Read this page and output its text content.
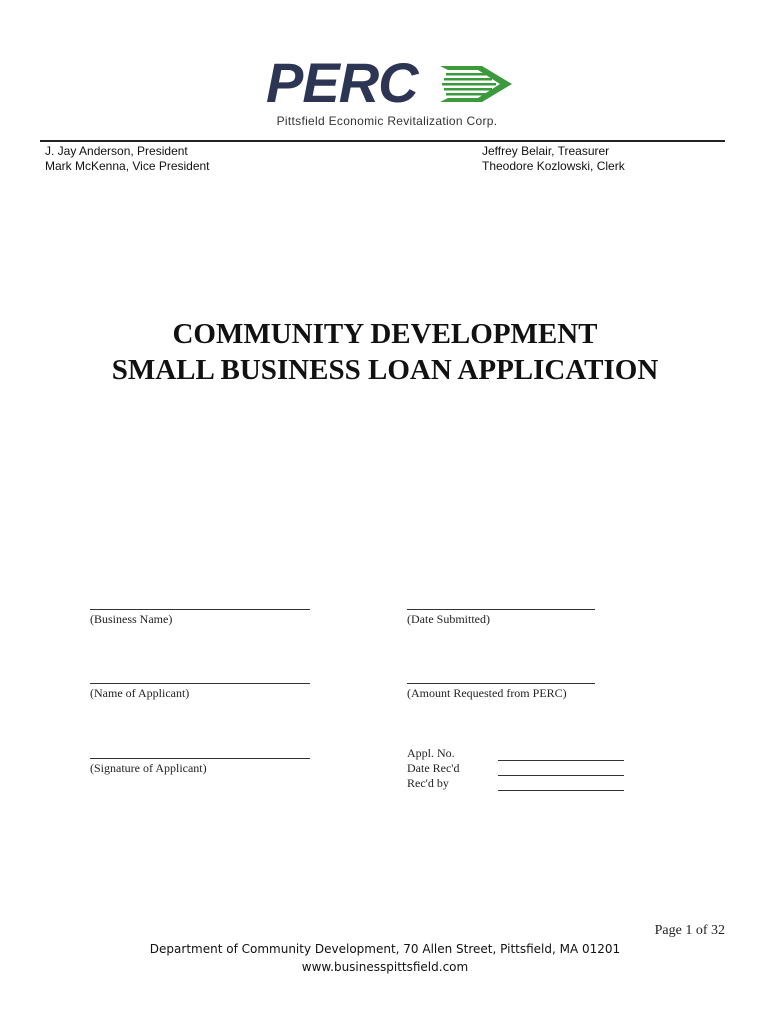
PERC
Pittsfield Economic Revitalization Corp.
J. Jay Anderson, President
Mark McKenna, Vice President
Jeffrey Belair, Treasurer
Theodore Kozlowski, Clerk
COMMUNITY DEVELOPMENT
SMALL BUSINESS LOAN APPLICATION
(Business Name)	(Date Submitted)
(Name of Applicant)	(Amount Requested from PERC)
(Signature of Applicant)
Appl. No.
Date Rec'd
Rec'd by
Page 1 of 32
Department of Community Development, 70 Allen Street, Pittsfield, MA 01201
www.businesspittsfield.com
